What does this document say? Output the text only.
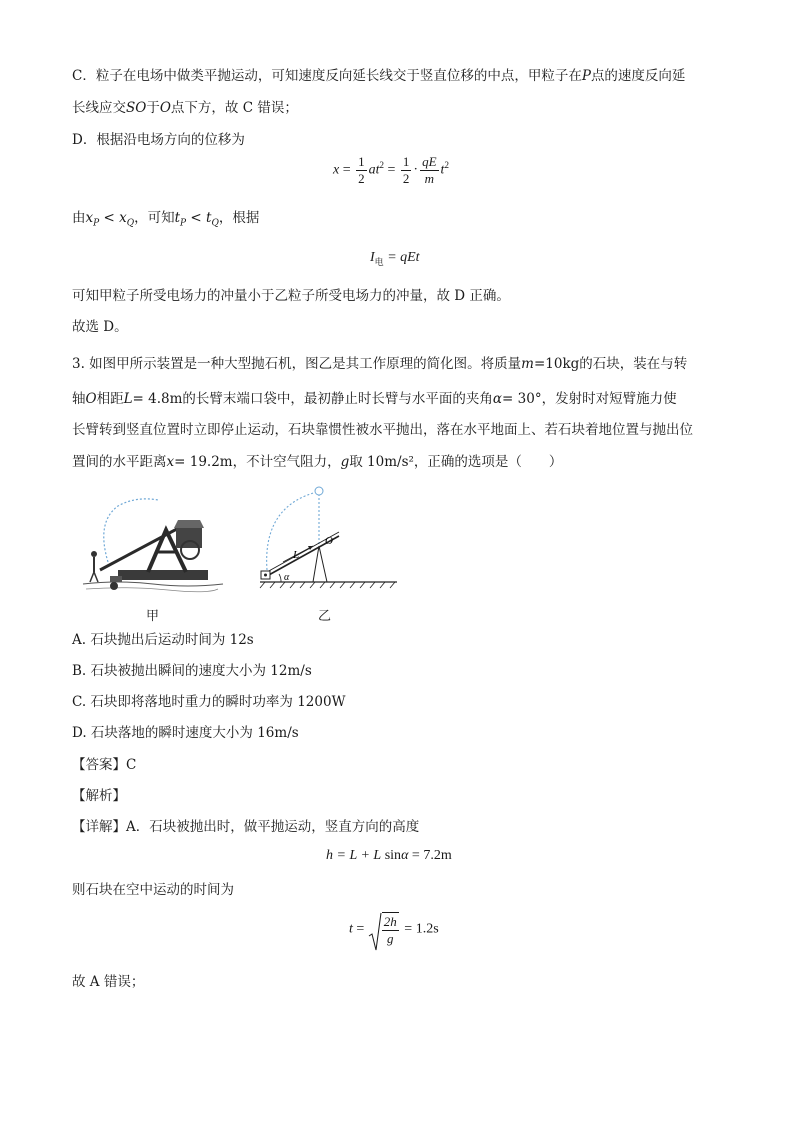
C．粒子在电场中做类平抛运动，可知速度反向延长线交于竖直位移的中点，甲粒子在P点的速度反向延
长线应交SO于O点下方，故 C 错误；
D．根据沿电场方向的位移为
$x = \frac{1}{2} at^2 = \frac{1}{2} \cdot \frac{qE}{m} t^2$
由$x_P < x_Q$，可知$t_P < t_Q$，根据
$I_电$ = qEt
可知甲粒子所受电场力的冲量小于乙粒子所受电场力的冲量，故 D 正确。
故选 D。
3. 如图甲所示装置是一种大型抛石机，图乙是其工作原理的简化图。将质量m=10kg的石块，装在与转
轴O相距L= 4.8m的长臂末端口袋中，最初静止时长臂与水平面的夹角α= 30°，发射时对短臂施力使
长臂转到竖直位置时立即停止运动，石块靠惯性被水平抛出，落在水平地面上、若石块着地位置与抛出位
置间的水平距离x= 19.2m，不计空气阻力，g取 10m/s²，正确的选项是（　　）
甲
L
O
α
乙
A. 石块抛出后运动时间为 12s
B. 石块被抛出瞬间的速度大小为 12m/s
C. 石块即将落地时重力的瞬时功率为 1200W
D. 石块落地的瞬时速度大小为 16m/s
【答案】C
【解析】
【详解】A．石块被抛出时，做平抛运动，竖直方向的高度
h = L + L sinα = 7.2m
则石块在空中运动的时间为
$t = \frac{2h}{g} = 1.2s$
故 A 错误；
